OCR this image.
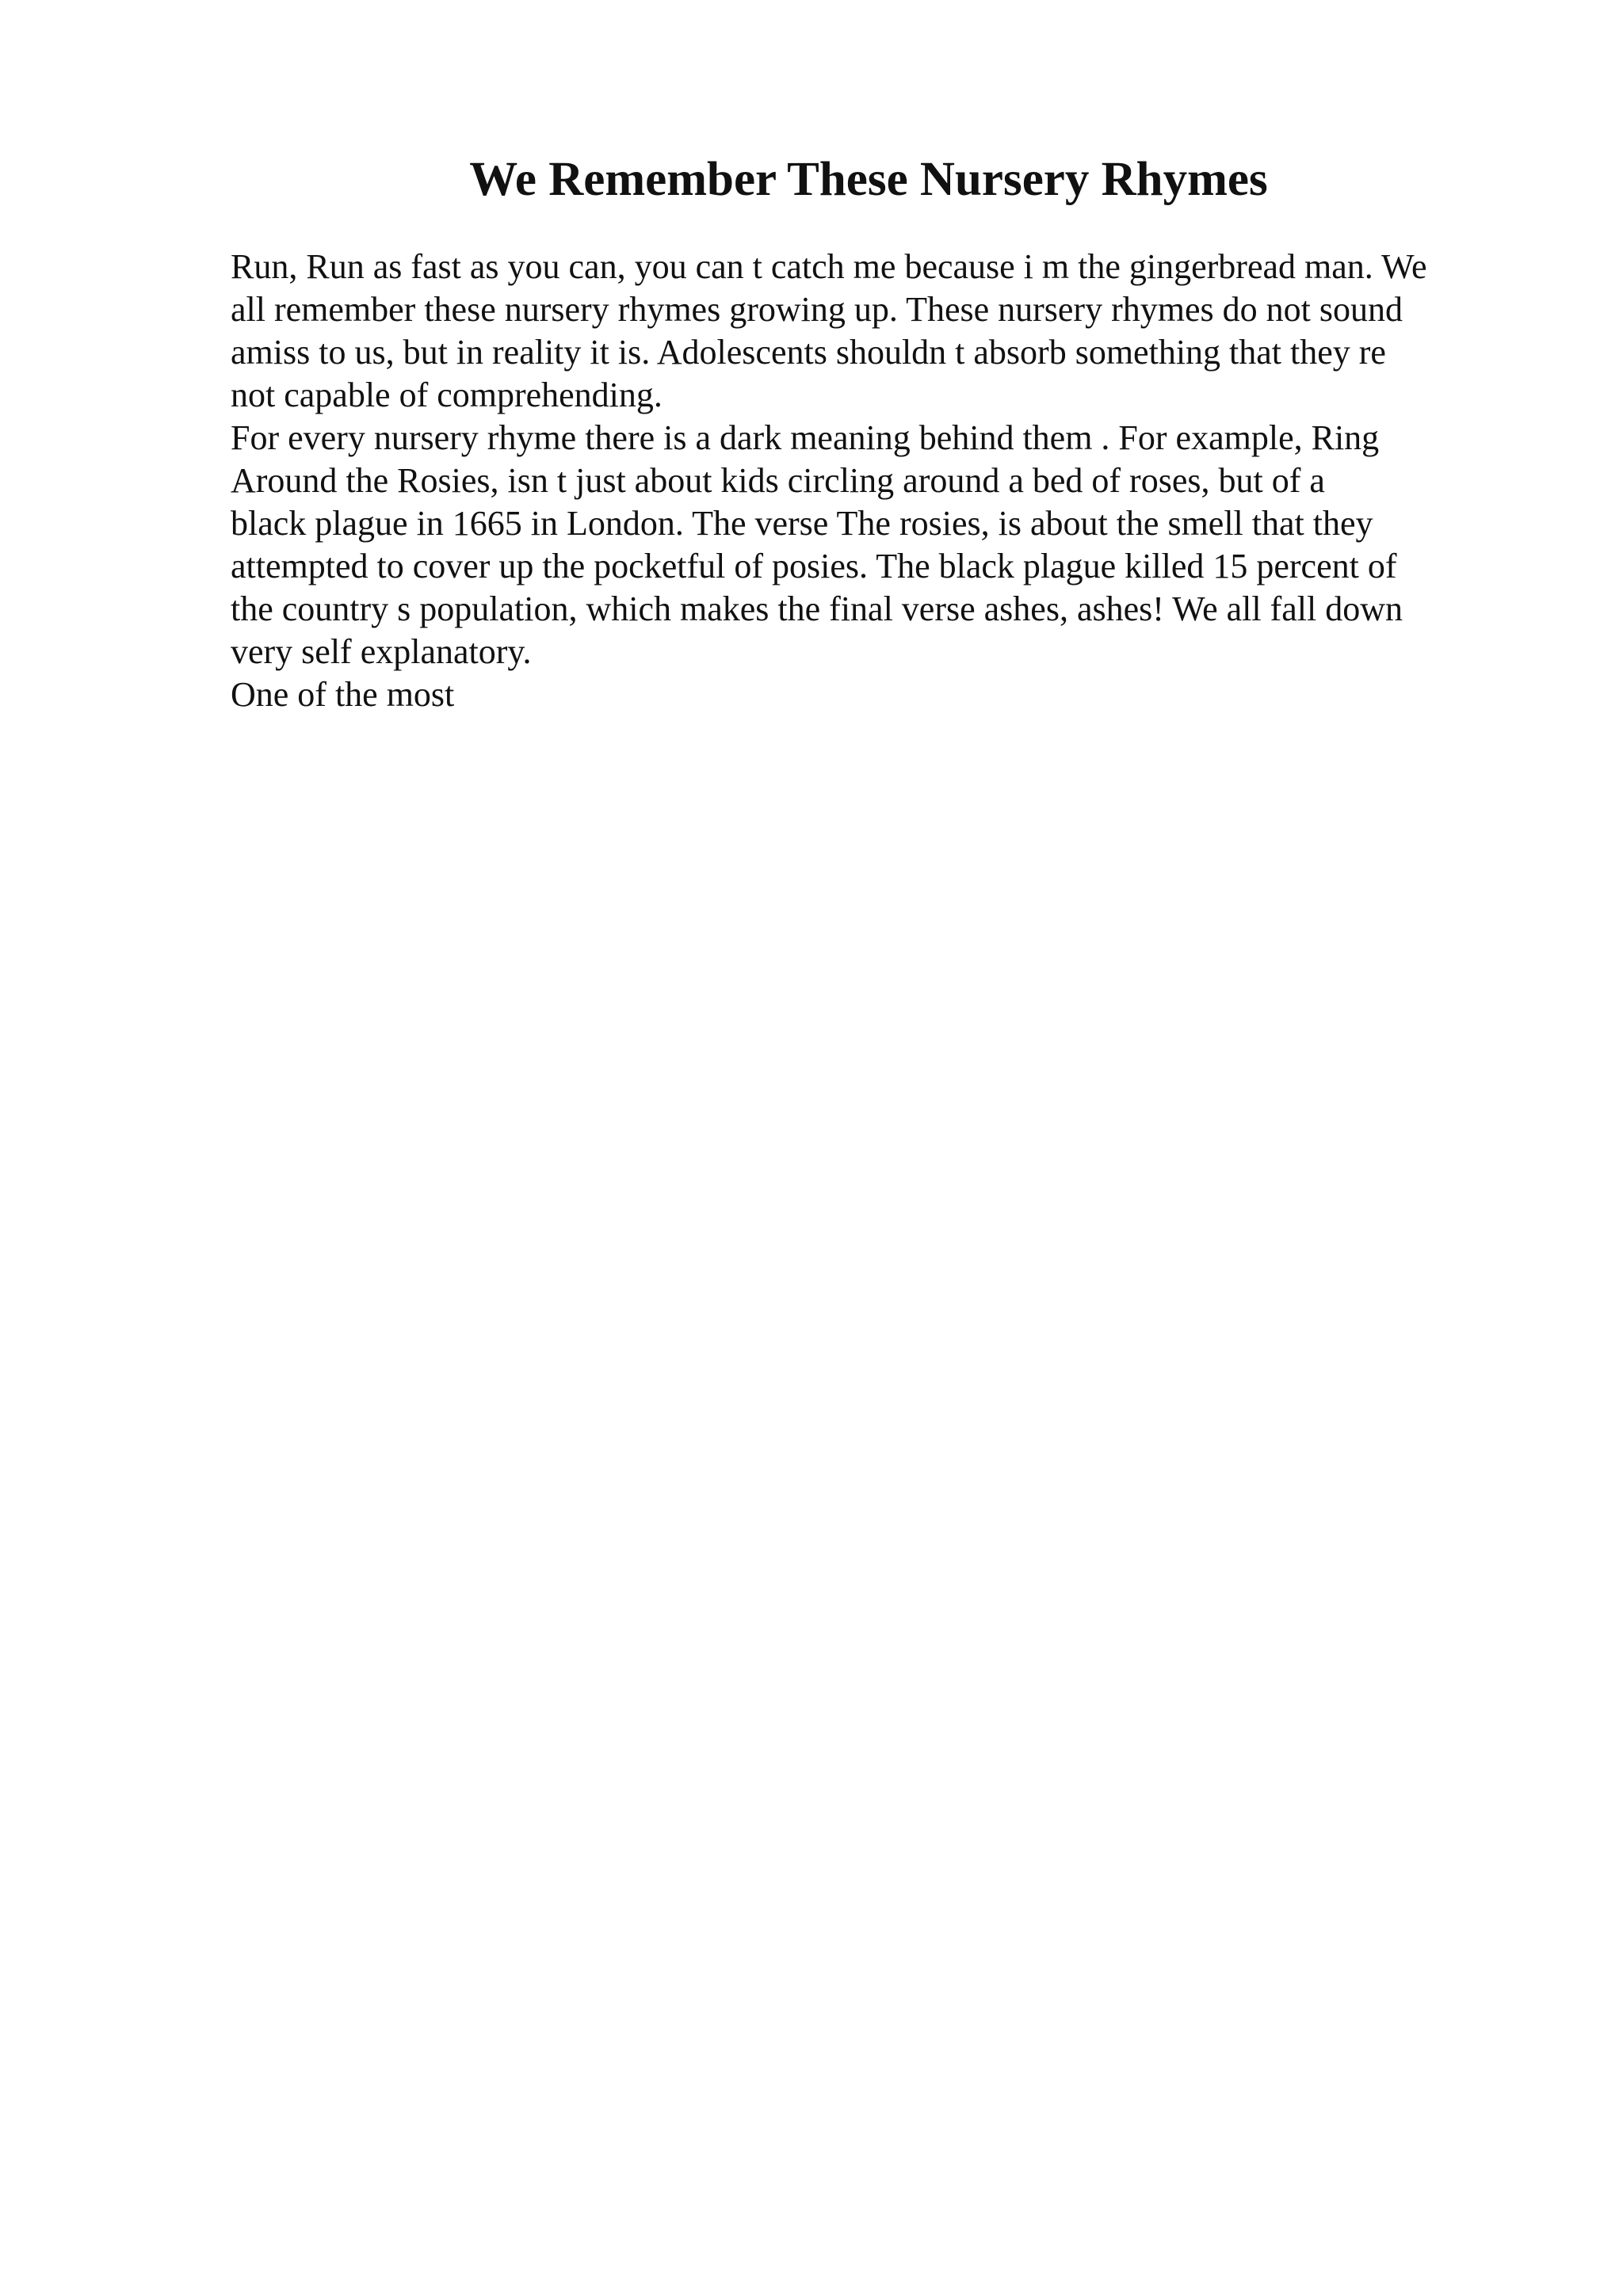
We Remember These Nursery Rhymes
Run, Run as fast as you can, you can t catch me because i m the gingerbread man. We
all remember these nursery rhymes growing up. These nursery rhymes do not sound
amiss to us, but in reality it is. Adolescents shouldn t absorb something that they re
not capable of comprehending.
For every nursery rhyme there is a dark meaning behind them . For example, Ring
Around the Rosies, isn t just about kids circling around a bed of roses, but of a
black plague in 1665 in London. The verse The rosies, is about the smell that they
attempted to cover up the pocketful of posies. The black plague killed 15 percent of
the country s population, which makes the final verse ashes, ashes! We all fall down
very self explanatory.
One of the most
